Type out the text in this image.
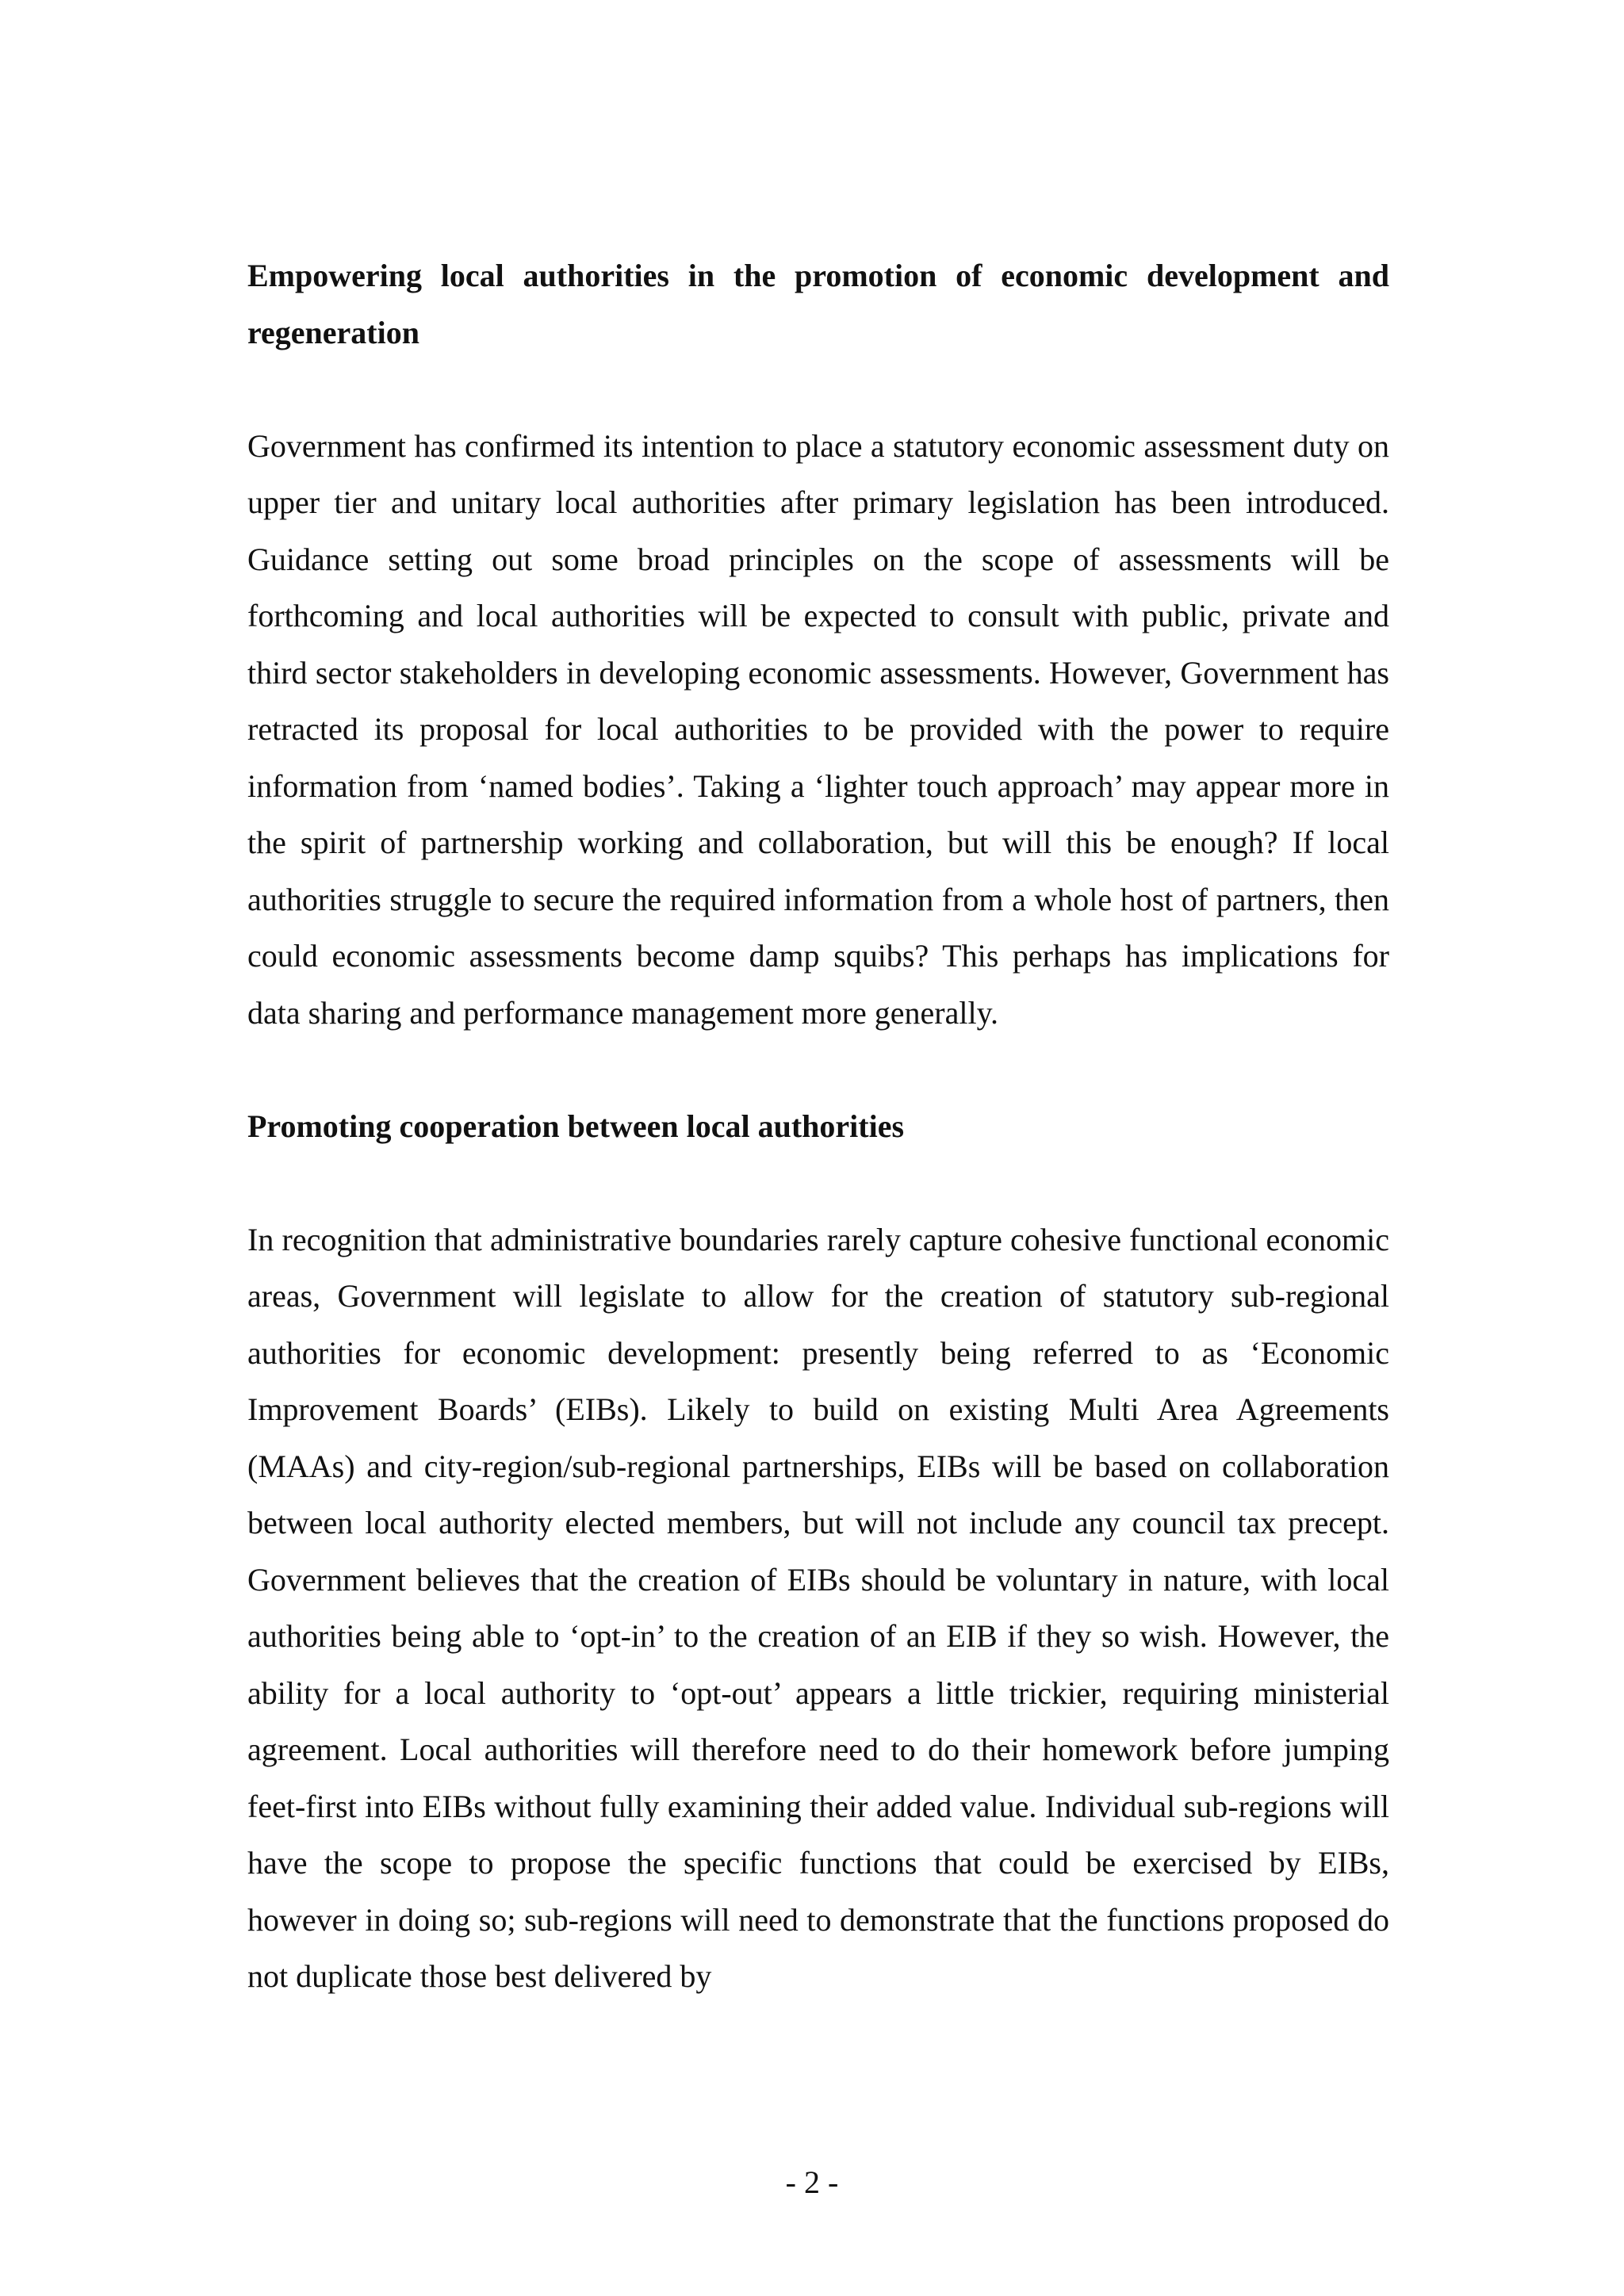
Empowering local authorities in the promotion of economic development and regeneration

Government has confirmed its intention to place a statutory economic assessment duty on upper tier and unitary local authorities after primary legislation has been introduced. Guidance setting out some broad principles on the scope of assessments will be forthcoming and local authorities will be expected to consult with public, private and third sector stakeholders in developing economic assessments. However, Government has retracted its proposal for local authorities to be provided with the power to require information from ‘named bodies’. Taking a ‘lighter touch approach’ may appear more in the spirit of partnership working and collaboration, but will this be enough? If local authorities struggle to secure the required information from a whole host of partners, then could economic assessments become damp squibs? This perhaps has implications for data sharing and performance management more generally.

Promoting cooperation between local authorities

In recognition that administrative boundaries rarely capture cohesive functional economic areas, Government will legislate to allow for the creation of statutory sub-regional authorities for economic development: presently being referred to as ‘Economic Improvement Boards’ (EIBs). Likely to build on existing Multi Area Agreements (MAAs) and city-region/sub-regional partnerships, EIBs will be based on collaboration between local authority elected members, but will not include any council tax precept. Government believes that the creation of EIBs should be voluntary in nature, with local authorities being able to ‘opt‑in’ to the creation of an EIB if they so wish. However, the ability for a local authority to ‘opt-out’ appears a little trickier, requiring ministerial agreement. Local authorities will therefore need to do their homework before jumping feet-first into EIBs without fully examining their added value. Individual sub-regions will have the scope to propose the specific functions that could be exercised by EIBs, however in doing so; sub-regions will need to demonstrate that the functions proposed do not duplicate those best delivered by

- 2 -
